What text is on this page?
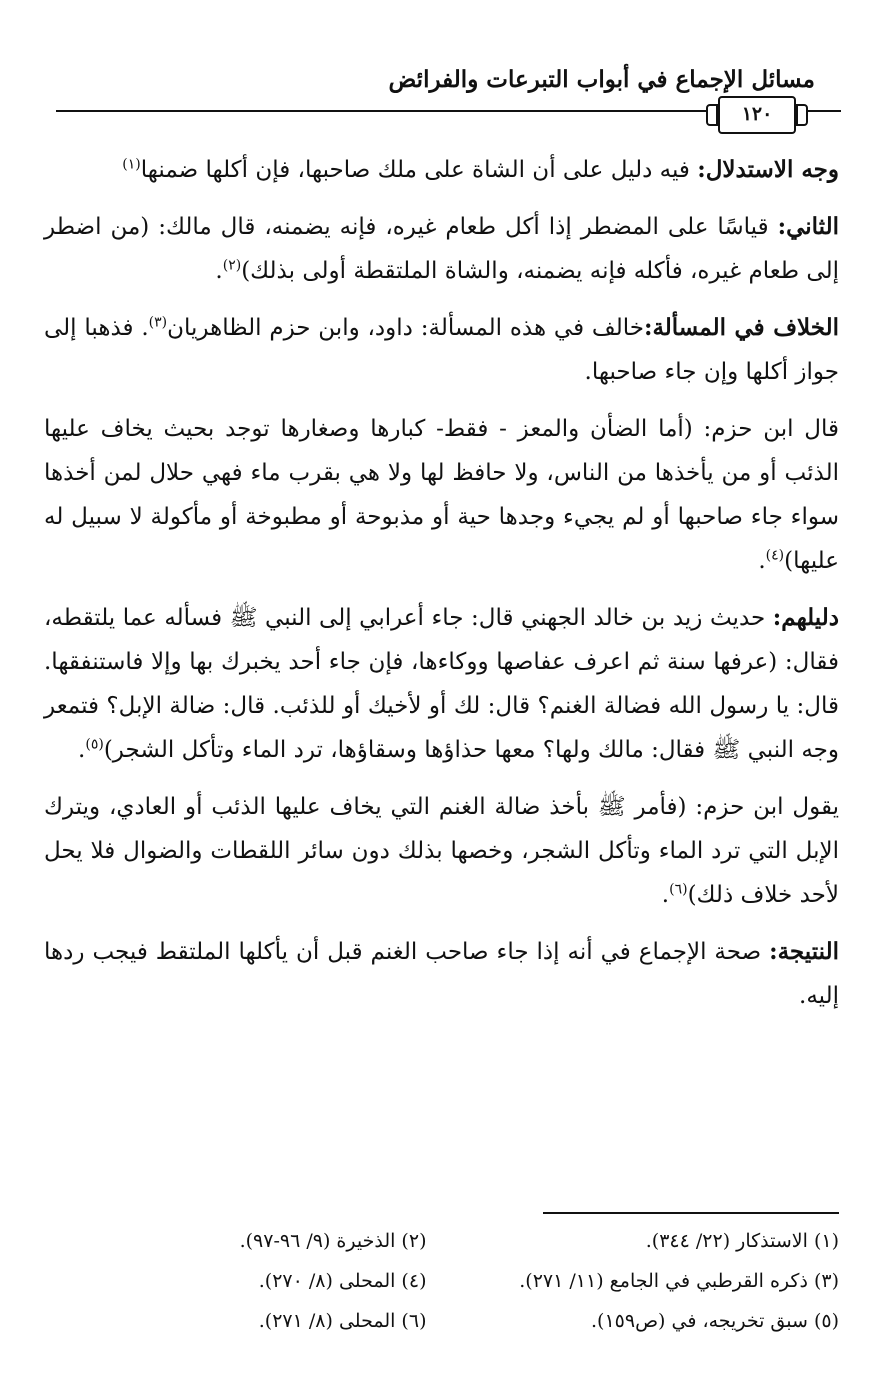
مسائل الإجماع في أبواب التبرعات والفرائض
١٢٠

وجه الاستدلال: فيه دليل على أن الشاة على ملك صاحبها، فإن أكلها ضمنها$^{(١)}$

الثاني: قياسًا على المضطر إذا أكل طعام غيره، فإنه يضمنه، قال مالك: (من اضطر إلى طعام غيره، فأكله فإنه يضمنه، والشاة الملتقطة أولى بذلك)$^{(٢)}$.

الخلاف في المسألة:خالف في هذه المسألة: داود، وابن حزم الظاهريان$^{(٣)}$. فذهبا إلى جواز أكلها وإن جاء صاحبها.

قال ابن حزم: (أما الضأن والمعز - فقط- كبارها وصغارها توجد بحيث يخاف عليها الذئب أو من يأخذها من الناس، ولا حافظ لها ولا هي بقرب ماء فهي حلال لمن أخذها سواء جاء صاحبها أو لم يجيء وجدها حية أو مذبوحة أو مطبوخة أو مأكولة لا سبيل له عليها)$^{(٤)}$.

دليلهم: حديث زيد بن خالد الجهني قال: جاء أعرابي إلى النبي ﷺ فسأله عما يلتقطه، فقال: (عرفها سنة ثم اعرف عفاصها ووكاءها، فإن جاء أحد يخبرك بها وإلا فاستنفقها. قال: يا رسول الله فضالة الغنم؟ قال: لك أو لأخيك أو للذئب. قال: ضالة الإبل؟ فتمعر وجه النبي ﷺ فقال: مالك ولها؟ معها حذاؤها وسقاؤها، ترد الماء وتأكل الشجر)$^{(٥)}$.

يقول ابن حزم: (فأمر ﷺ بأخذ ضالة الغنم التي يخاف عليها الذئب أو العادي، ويترك الإبل التي ترد الماء وتأكل الشجر، وخصها بذلك دون سائر اللقطات والضوال فلا يحل لأحد خلاف ذلك)$^{(٦)}$.

النتيجة: صحة الإجماع في أنه إذا جاء صاحب الغنم قبل أن يأكلها الملتقط فيجب ردها إليه.

(١) الاستذكار (٢٢/ ٣٤٤).
(٢) الذخيرة (٩/ ٩٦-٩٧).
(٣) ذكره القرطبي في الجامع (١١/ ٢٧١).
(٤) المحلى (٨/ ٢٧٠).
(٥) سبق تخريجه، في (ص١٥٩).
(٦) المحلى (٨/ ٢٧١).
